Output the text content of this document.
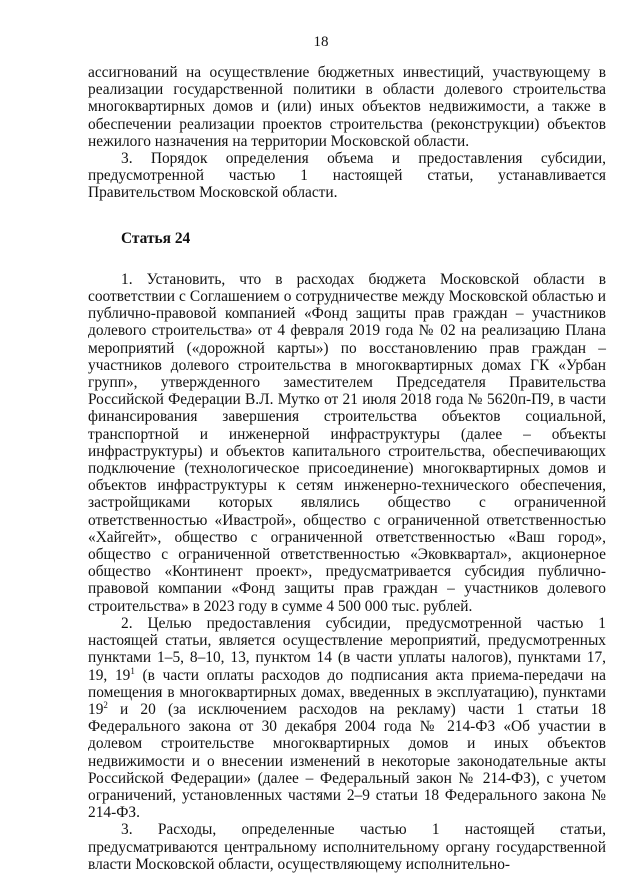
18

ассигнований на осуществление бюджетных инвестиций, участвующему в реализации государственной политики в области долевого строительства многоквартирных домов и (или) иных объектов недвижимости, а также в обеспечении реализации проектов строительства (реконструкции) объектов нежилого назначения на территории Московской области.

3. Порядок определения объема и предоставления субсидии, предусмотренной частью 1 настоящей статьи, устанавливается Правительством Московской области.

Статья 24

1. Установить, что в расходах бюджета Московской области в соответствии с Соглашением о сотрудничестве между Московской областью и публично-правовой компанией «Фонд защиты прав граждан – участников долевого строительства» от 4 февраля 2019 года № 02 на реализацию Плана мероприятий («дорожной карты») по восстановлению прав граждан – участников долевого строительства в многоквартирных домах ГК «Урбан групп», утвержденного заместителем Председателя Правительства Российской Федерации В.Л. Мутко от 21 июля 2018 года № 5620п-П9, в части финансирования завершения строительства объектов социальной, транспортной и инженерной инфраструктуры (далее – объекты инфраструктуры) и объектов капитального строительства, обеспечивающих подключение (технологическое присоединение) многоквартирных домов и объектов инфраструктуры к сетям инженерно-технического обеспечения, застройщиками которых являлись общество с ограниченной ответственностью «Ивастрой», общество с ограниченной ответственностью «Хайгейт», общество с ограниченной ответственностью «Ваш город», общество с ограниченной ответственностью «Эковквартал», акционерное общество «Континент проект», предусматривается субсидия публично-правовой компании «Фонд защиты прав граждан – участников долевого строительства» в 2023 году в сумме 4 500 000 тыс. рублей.

2. Целью предоставления субсидии, предусмотренной частью 1 настоящей статьи, является осуществление мероприятий, предусмотренных пунктами 1–5, 8–10, 13, пунктом 14 (в части уплаты налогов), пунктами 17, 19, $19^1$ (в части оплаты расходов до подписания акта приема-передачи на помещения в многоквартирных домах, введенных в эксплуатацию), пунктами $19^2$ и 20 (за исключением расходов на рекламу) части 1 статьи 18 Федерального закона от 30 декабря 2004 года № 214-ФЗ «Об участии в долевом строительстве многоквартирных домов и иных объектов недвижимости и о внесении изменений в некоторые законодательные акты Российской Федерации» (далее – Федеральный закон № 214-ФЗ), с учетом ограничений, установленных частями 2–9 статьи 18 Федерального закона № 214-ФЗ.

3. Расходы, определенные частью 1 настоящей статьи, предусматриваются центральному исполнительному органу государственной власти Московской области, осуществляющему исполнительно-
